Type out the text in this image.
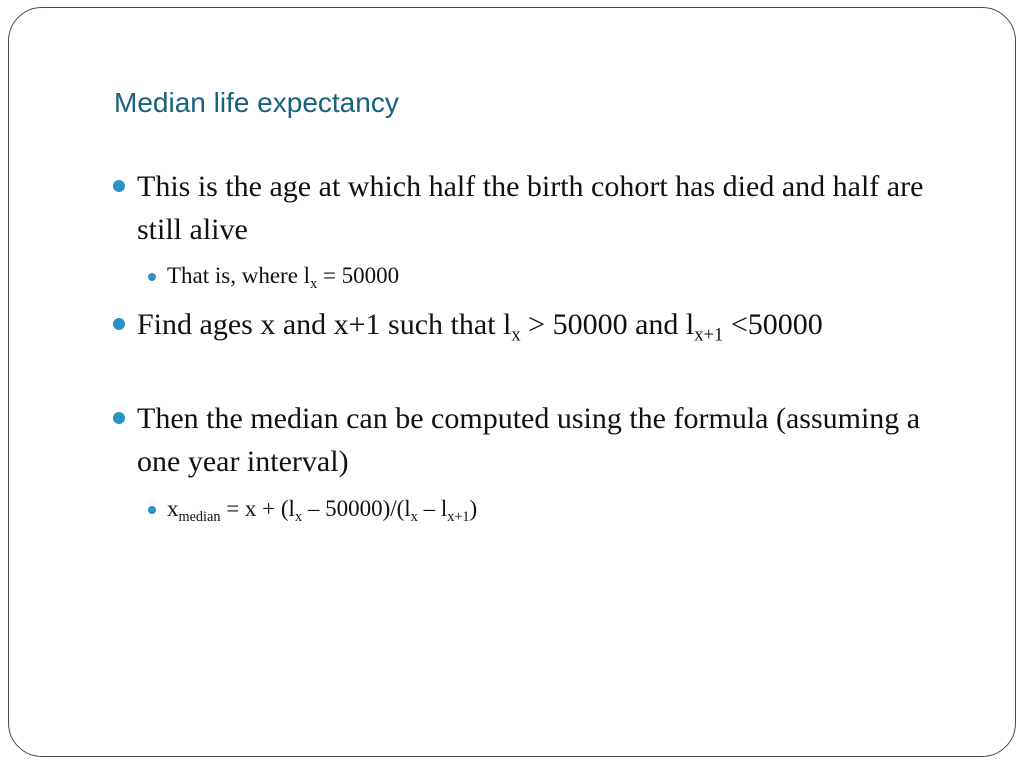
Median life expectancy
This is the age at which half the birth cohort has died and half are still alive
That is, where $l_x = 50000$
Find ages x and x+1 such that $l_x > 50000$ and $l_{x+1} <50000$
Then the median can be computed using the formula (assuming a one year interval)
$x_{median} = x + (l_x - 50000)/(l_x - l_{x+1})$
